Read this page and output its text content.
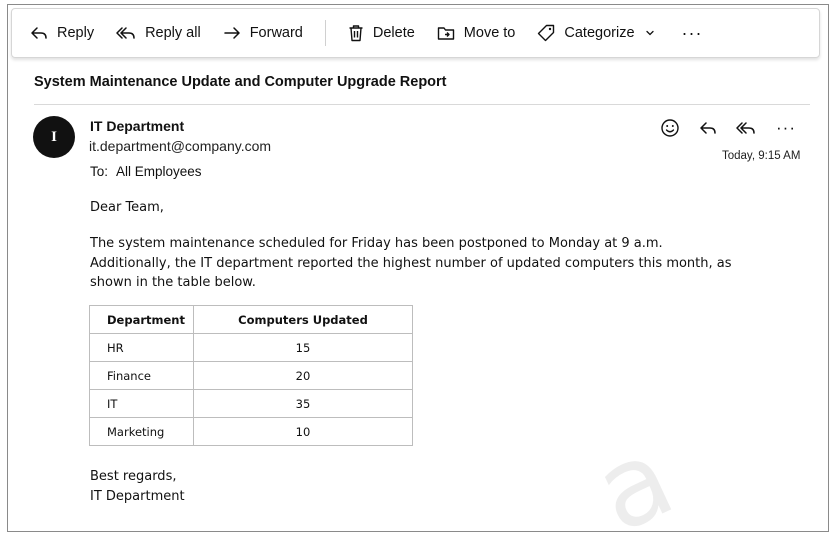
Reply	Reply all	Forward	Delete	Move to	Categorize	···
System Maintenance Update and Computer Upgrade Report
I
IT Department
it.department@company.com
To: All Employees
···
Today, 9:15 AM
Dear Team,
The system maintenance scheduled for Friday has been postponed to Monday at 9 a.m. Additionally, the IT department reported the highest number of updated computers this month, as shown in the table below.
Department	Computers Updated
HR	15
Finance	20
IT	35
Marketing	10
Best regards,
IT Department
